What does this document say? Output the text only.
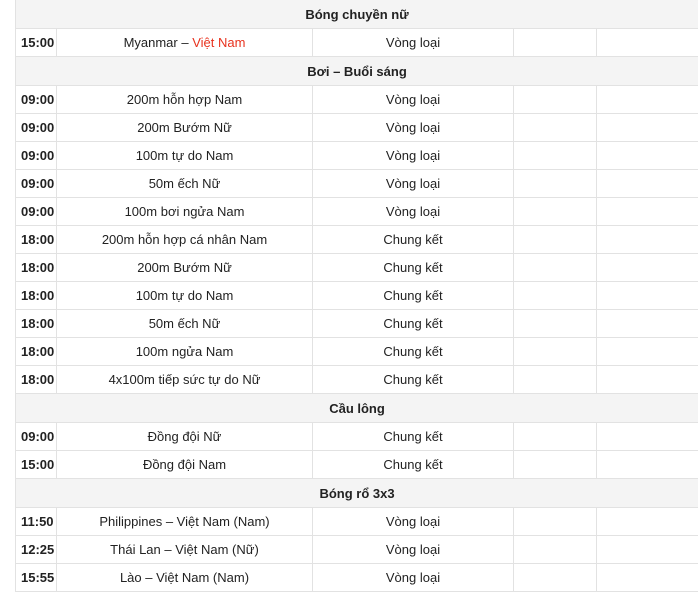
Bóng chuyền nữ				
15:00	Myanmar – Việt Nam	Vòng loại		
Bơi – Buổi sáng				
09:00	200m hỗn hợp Nam	Vòng loại		
09:00	200m Bướm Nữ	Vòng loại		
09:00	100m tự do Nam	Vòng loại		
09:00	50m ếch Nữ	Vòng loại		
09:00	100m bơi ngửa Nam	Vòng loại		
18:00	200m hỗn hợp cá nhân Nam	Chung kết		
18:00	200m Bướm Nữ	Chung kết		
18:00	100m tự do Nam	Chung kết		
18:00	50m ếch Nữ	Chung kết		
18:00	100m ngửa Nam	Chung kết		
18:00	4x100m tiếp sức tự do Nữ	Chung kết		
Cầu lông				
09:00	Đồng đội Nữ	Chung kết		
15:00	Đồng đội Nam	Chung kết		
Bóng rổ 3x3				
11:50	Philippines – Việt Nam (Nam)	Vòng loại		
12:25	Thái Lan – Việt Nam (Nữ)	Vòng loại		
15:55	Lào – Việt Nam (Nam)	Vòng loại		
